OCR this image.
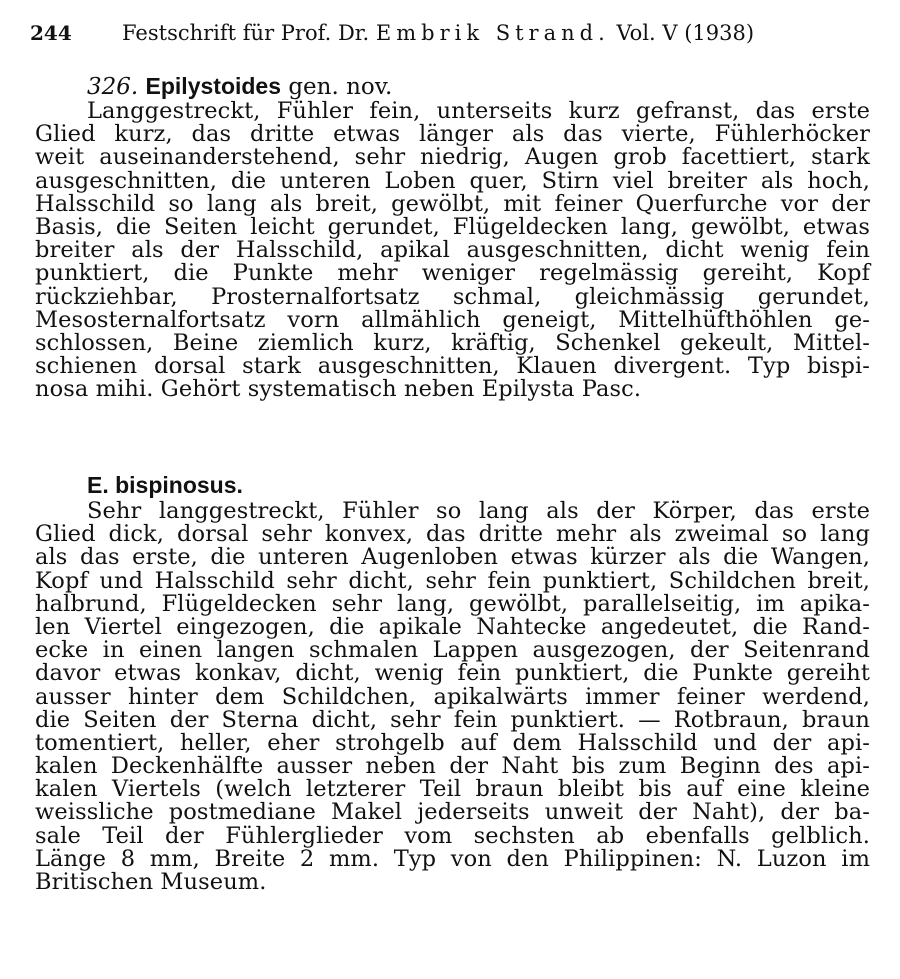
244 Festschrift für Prof. Dr. Embrik Strand. Vol. V (1938)
326. Epilystoides gen. nov.
Langgestreckt, Fühler fein, unterseits kurz gefranst, das erste
Glied kurz, das dritte etwas länger als das vierte, Fühlerhöcker
weit auseinanderstehend, sehr niedrig, Augen grob facettiert, stark
ausgeschnitten, die unteren Loben quer, Stirn viel breiter als hoch,
Halsschild so lang als breit, gewölbt, mit feiner Querfurche vor der
Basis, die Seiten leicht gerundet, Flügeldecken lang, gewölbt, etwas
breiter als der Halsschild, apikal ausgeschnitten, dicht wenig fein
punktiert, die Punkte mehr weniger regelmässig gereiht, Kopf
rückziehbar, Prosternalfortsatz schmal, gleichmässig gerundet,
Mesosternalfortsatz vorn allmählich geneigt, Mittelhüfthöhlen ge-
schlossen, Beine ziemlich kurz, kräftig, Schenkel gekeult, Mittel-
schienen dorsal stark ausgeschnitten, Klauen divergent. Typ bispi-
nosa mihi. Gehört systematisch neben Epilysta Pasc.
E. bispinosus.
Sehr langgestreckt, Fühler so lang als der Körper, das erste
Glied dick, dorsal sehr konvex, das dritte mehr als zweimal so lang
als das erste, die unteren Augenloben etwas kürzer als die Wangen,
Kopf und Halsschild sehr dicht, sehr fein punktiert, Schildchen breit,
halbrund, Flügeldecken sehr lang, gewölbt, parallelseitig, im apika-
len Viertel eingezogen, die apikale Nahtecke angedeutet, die Rand-
ecke in einen langen schmalen Lappen ausgezogen, der Seitenrand
davor etwas konkav, dicht, wenig fein punktiert, die Punkte gereiht
ausser hinter dem Schildchen, apikalwärts immer feiner werdend,
die Seiten der Sterna dicht, sehr fein punktiert. — Rotbraun, braun
tomentiert, heller, eher strohgelb auf dem Halsschild und der api-
kalen Deckenhälfte ausser neben der Naht bis zum Beginn des api-
kalen Viertels (welch letzterer Teil braun bleibt bis auf eine kleine
weissliche postmediane Makel jederseits unweit der Naht), der ba-
sale Teil der Fühlerglieder vom sechsten ab ebenfalls gelblich.
Länge 8 mm, Breite 2 mm. Typ von den Philippinen: N. Luzon im
Britischen Museum.
